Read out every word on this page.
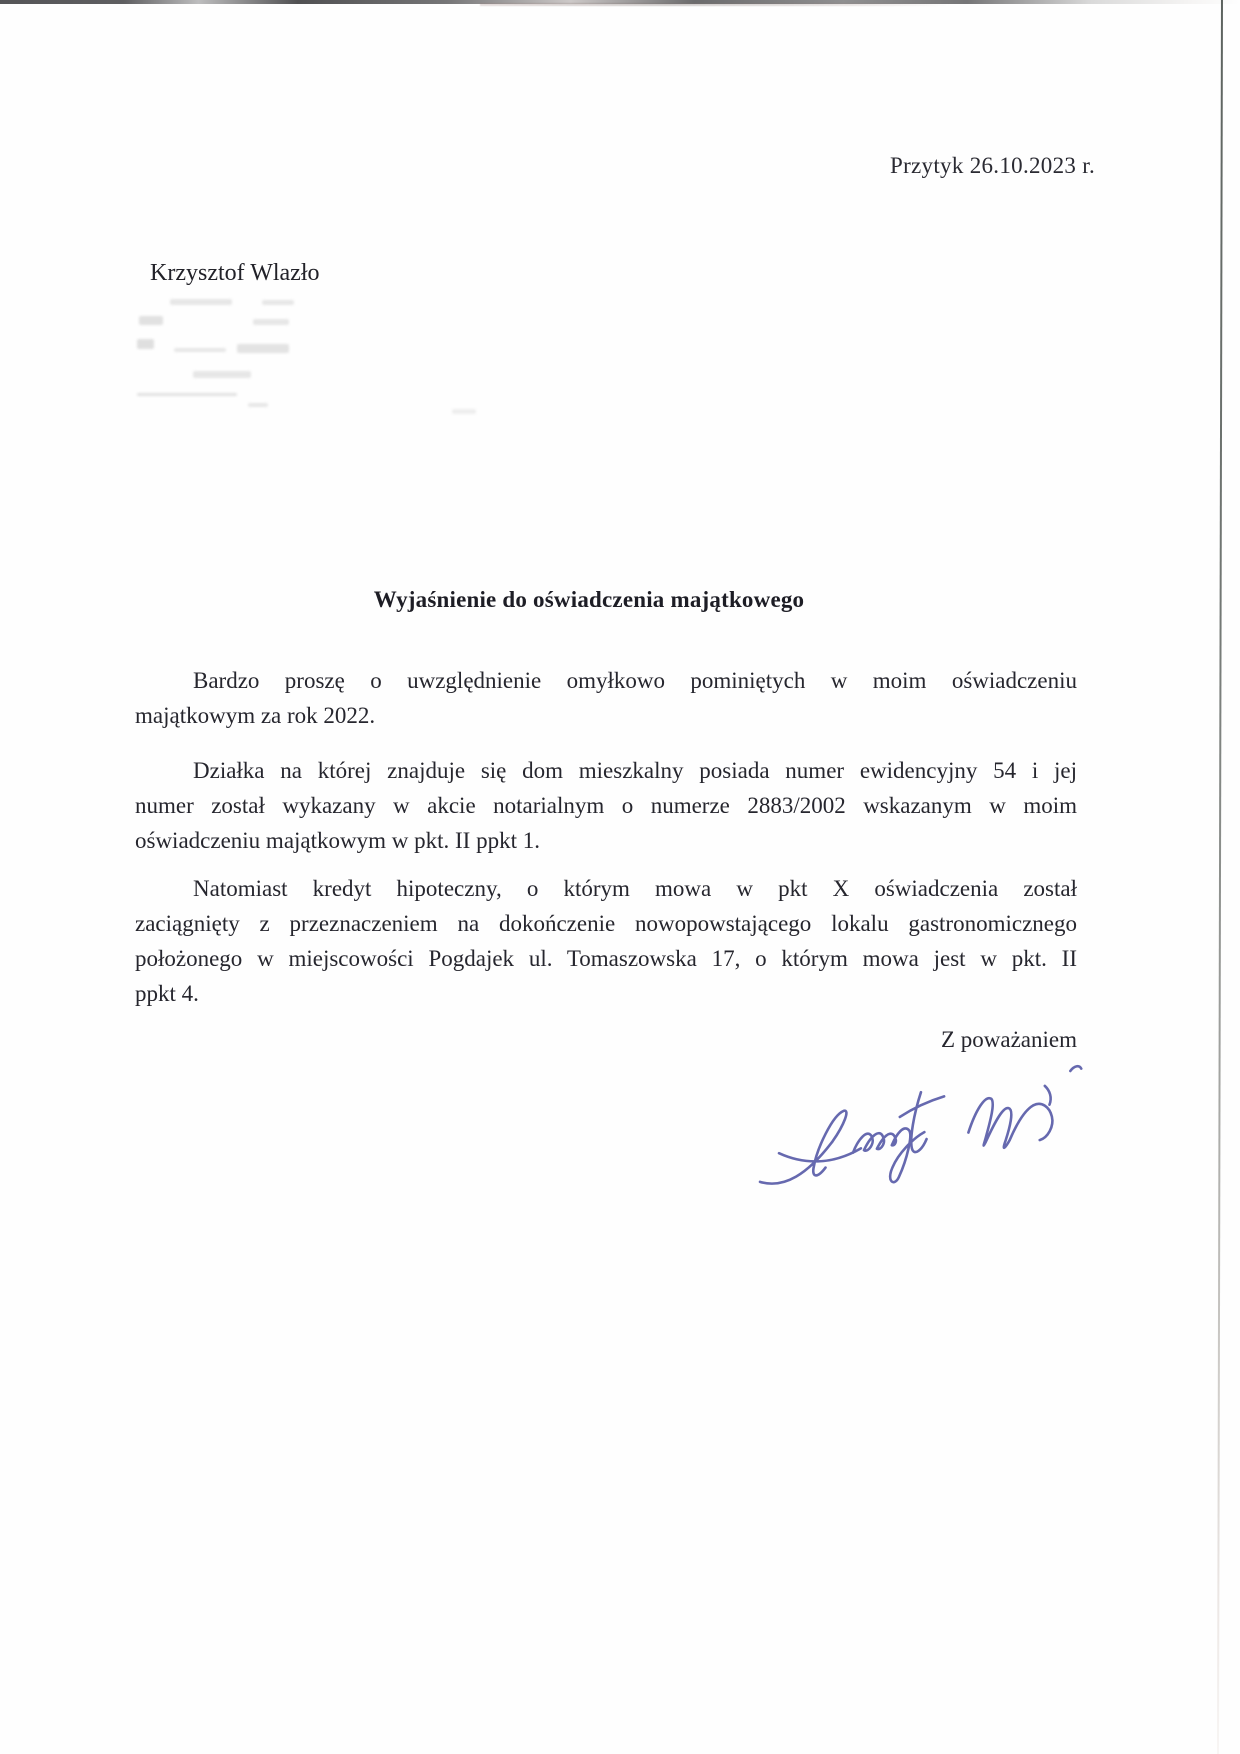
Przytyk 26.10.2023 r.
Krzysztof Wlazło
Wyjaśnienie do oświadczenia majątkowego
Bardzo proszę o uwzględnienie omyłkowo pominiętych w moim oświadczeniu
majątkowym za rok 2022.
Działka na której znajduje się dom mieszkalny posiada numer ewidencyjny 54 i jej
numer został wykazany w akcie notarialnym o numerze 2883/2002 wskazanym w moim
oświadczeniu majątkowym w pkt. II ppkt 1.
Natomiast kredyt hipoteczny, o którym mowa w pkt X oświadczenia został
zaciągnięty z przeznaczeniem na dokończenie nowopowstającego lokalu gastronomicznego
położonego w miejscowości Pogdajek ul. Tomaszowska 17, o którym mowa jest w pkt. II
ppkt 4.
Z poważaniem
